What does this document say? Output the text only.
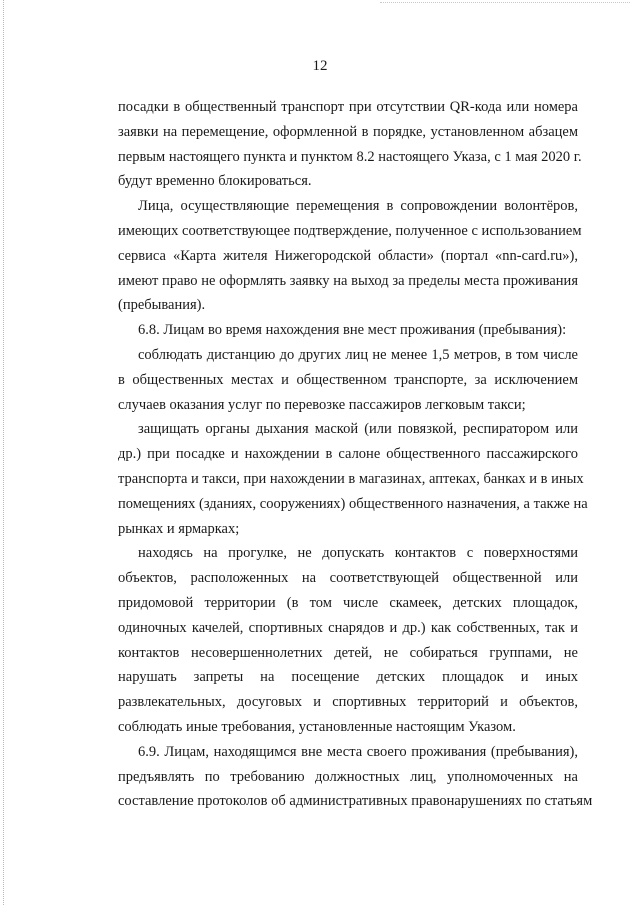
12

посадки в общественный транспорт при отсутствии QR-кода или номера
заявки на перемещение, оформленной в порядке, установленном абзацем
первым настоящего пункта и пунктом 8.2 настоящего Указа, с 1 мая 2020 г.
будут временно блокироваться.

Лица, осуществляющие перемещения в сопровождении волонтёров,
имеющих соответствующее подтверждение, полученное с использованием
сервиса «Карта жителя Нижегородской области» (портал «nn-card.ru»),
имеют право не оформлять заявку на выход за пределы места проживания
(пребывания).

6.8. Лицам во время нахождения вне мест проживания (пребывания):

соблюдать дистанцию до других лиц не менее 1,5 метров, в том числе
в общественных местах и общественном транспорте, за исключением
случаев оказания услуг по перевозке пассажиров легковым такси;

защищать органы дыхания маской (или повязкой, респиратором или
др.) при посадке и нахождении в салоне общественного пассажирского
транспорта и такси, при нахождении в магазинах, аптеках, банках и в иных
помещениях (зданиях, сооружениях) общественного назначения, а также на
рынках и ярмарках;

находясь на прогулке, не допускать контактов с поверхностями
объектов, расположенных на соответствующей общественной или
придомовой территории (в том числе скамеек, детских площадок,
одиночных качелей, спортивных снарядов и др.) как собственных, так и
контактов несовершеннолетних детей, не собираться группами, не
нарушать запреты на посещение детских площадок и иных
развлекательных, досуговых и спортивных территорий и объектов,
соблюдать иные требования, установленные настоящим Указом.

6.9. Лицам, находящимся вне места своего проживания (пребывания),
предъявлять по требованию должностных лиц, уполномоченных на
составление протоколов об административных правонарушениях по статьям
